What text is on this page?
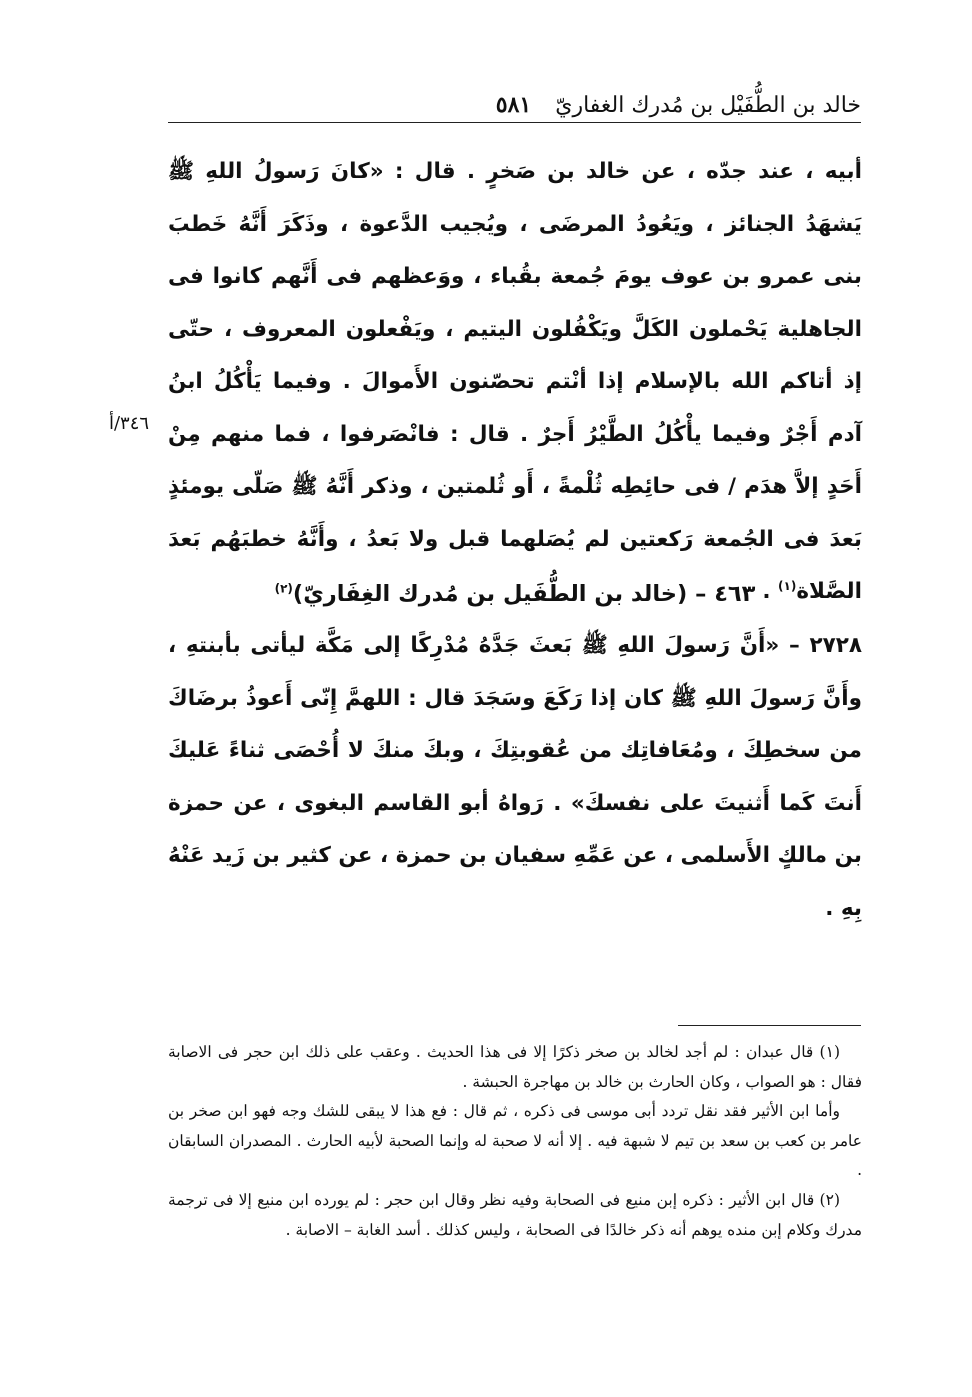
خالد بن الطُّفَيْل بن مُدرك الغفاريّ
٥٨١
أبيه ، عند جدّه ، عن خالد بن صَخرٍ . قال : «كانَ رَسولُ اللهِ ﷺ يَشهَدُ الجنائز ، ويَعُودُ المرضَى ، ويُجيب الدَّعوة ، وذَكَرَ أَنَّهُ خَطبَ بنى عمرو بن عوف يومَ جُمعة بقُباء ، ووَعظهم فى أَنَّهم كانوا فى الجاهلية يَحْملون الكَلَّ ويَكْفُلون اليتيم ، ويَفْعلون المعروف ، حتّى إذ أتاكم الله بالإسلام إذا أنْتم تحصّنون الأَموالَ . وفيما يَأْكُلُ ابنُ آدم أَجْرٌ وفيما يأْكُلُ الطَّيْرُ أَجرٌ . قال : فانْصَرفوا ، فما منهم مِنْ أَحَدٍ إلاَّ هدَم / فى حائِطِه ثُلْمةً ، أَو ثُلمتين ، وذكر أَنَّهُ ﷺ صَلّى يومئذٍ بَعدَ فى الجُمعة رَكعتين لم يُصَلهما قبل ولا بَعدُ ، وأَنَّهُ خطبَهُم بَعدَ الصَّلاة$^{(١)}$ .
٣٤٦/أ
٤٦٣ – (خالد بن الطُّفَيل بن مُدرك الغِفَاريّ)$^{(٢)}$
٢٧٢٨ – «أَنَّ رَسولَ اللهِ ﷺ بَعثَ جَدَّهُ مُدْرِكًا إلى مَكَّة ليأتى بأبنتهِ ، وأَنَّ رَسولَ اللهِ ﷺ كان إذا رَكَعَ وسَجَدَ قال : اللهمَّ إِنّى أَعوذُ برضَاكَ من سخطِكَ ، ومُعَافاتِك من عُقوبتِكَ ، وبكَ منكَ لا أُحْصَى ثناءً عَليكَ أَنتَ كَما أَثنيتَ على نفسكَ» . رَواهُ أبو القاسم البغوى ، عن حمزة بن مالكٍ الأَسلمى ، عن عَمِّهِ سفيان بن حمزة ، عن كثير بن زَيد عَنْهُ بِهِ .

(١) قال عبدان : لم أجد لخالد بن صخر ذكرًا إلا فى هذا الحديث . وعقب على ذلك ابن حجر فى الاصابة فقال : هو الصواب ، وكان الحارث بن خالد بن مهاجرة الحبشة .

وأما ابن الأثير فقد نقل تردد أبى موسى فى ذكره ، ثم قال : فع هذا لا يبقى للشك وجه فهو ابن صخر بن عامر بن كعب بن سعد بن تيم لا شبهة فيه . إلا أنه لا صحبة له وإنما الصحبة لأبيه الحارث . المصدران السابقان .

(٢) قال ابن الأثير : ذكره إبن منيع فى الصحابة وفيه نظر وقال ابن حجر : لم يورده ابن منيع إلا فى ترجمة مدرك وكلام إبن منده يوهم أنه ذكر خالدًا فى الصحابة ، وليس كذلك . أسد الغابة – الاصابة .
